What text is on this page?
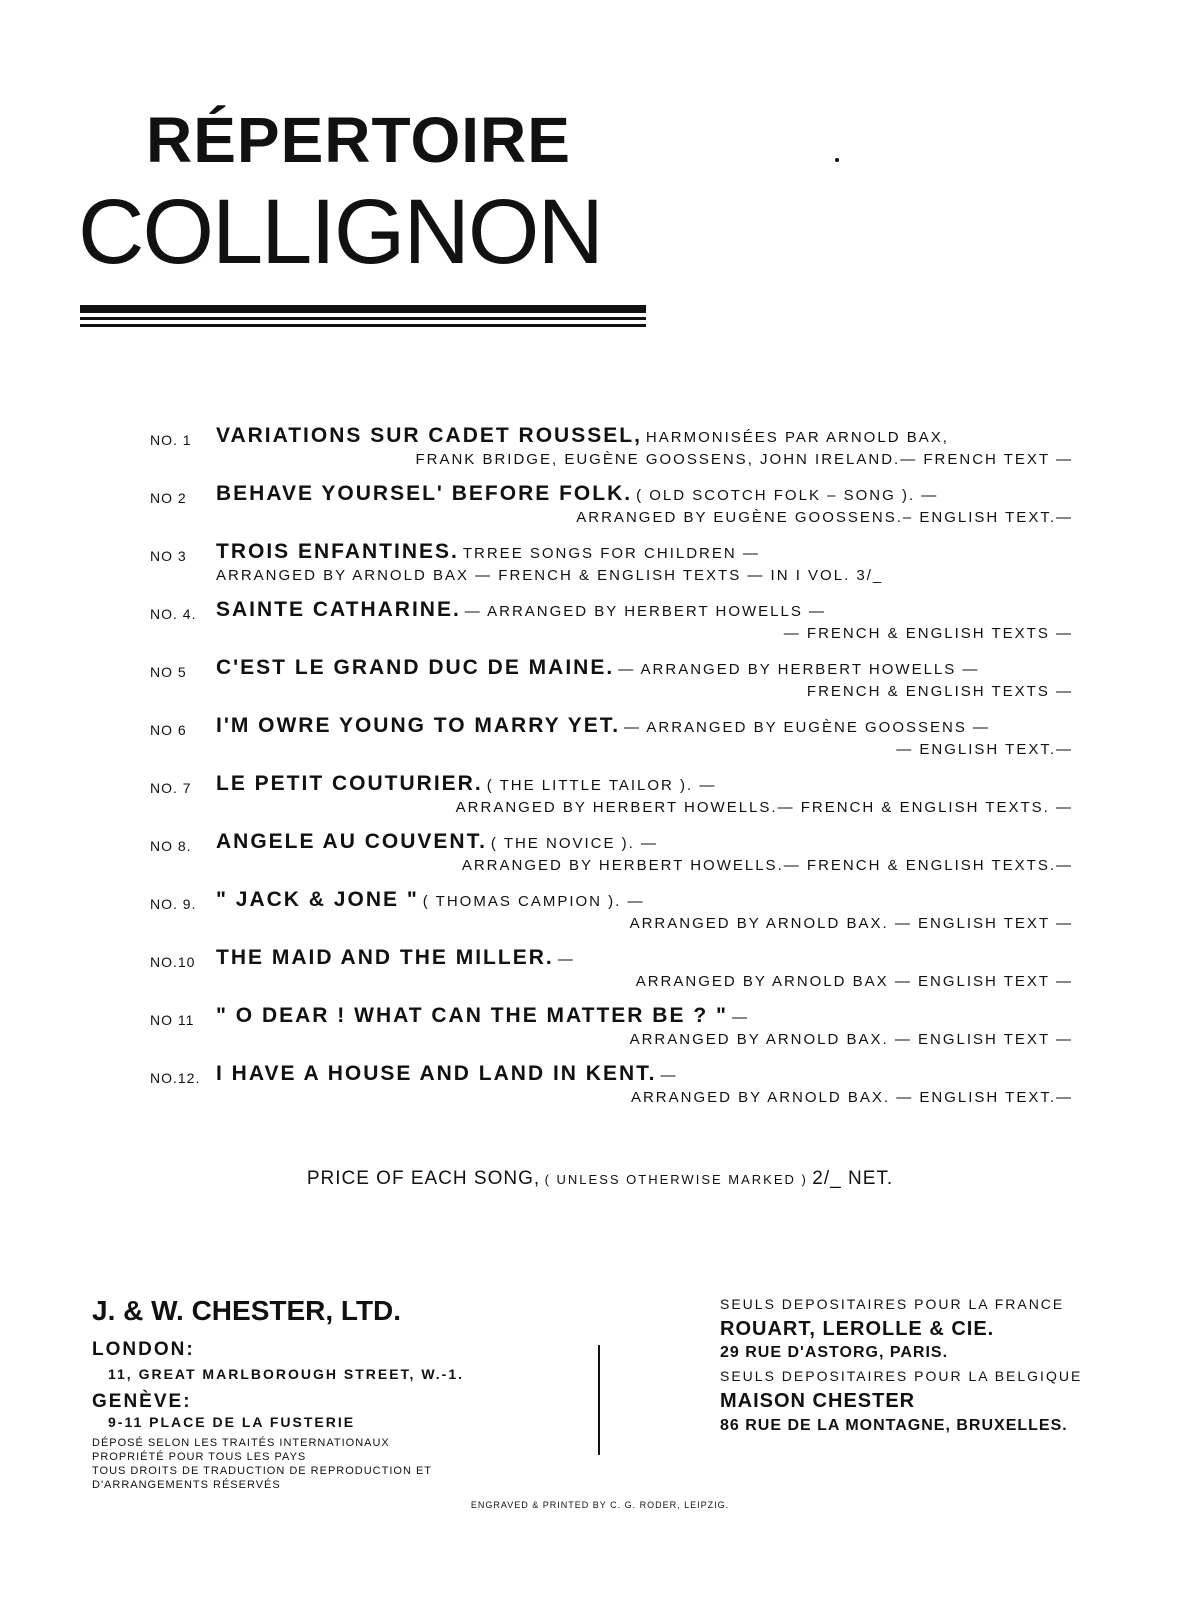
RÉPERTOIRE
COLLIGNON
NO. 1 VARIATIONS SUR CADET ROUSSEL, HARMONISÉES PAR ARNOLD BAX,
FRANK BRIDGE, EUGÈNE GOOSSENS, JOHN IRELAND.— FRENCH TEXT —
NO 2 BEHAVE YOURSEL' BEFORE FOLK. ( OLD SCOTCH FOLK – SONG ). —
ARRANGED BY EUGÈNE GOOSSENS.– ENGLISH TEXT.—
NO 3 TROIS ENFANTINES. TRREE SONGS FOR CHILDREN —
ARRANGED BY ARNOLD BAX — FRENCH & ENGLISH TEXTS — IN I VOL. 3/_
NO. 4. SAINTE CATHARINE. — ARRANGED BY HERBERT HOWELLS —
— FRENCH & ENGLISH TEXTS —
NO 5 C'EST LE GRAND DUC DE MAINE. — ARRANGED BY HERBERT HOWELLS —
FRENCH & ENGLISH TEXTS —
NO 6 I'M OWRE YOUNG TO MARRY YET. — ARRANGED BY EUGÈNE GOOSSENS —
— ENGLISH TEXT.—
NO. 7 LE PETIT COUTURIER. ( THE LITTLE TAILOR ). —
ARRANGED BY HERBERT HOWELLS.— FRENCH & ENGLISH TEXTS. —
NO 8. ANGELE AU COUVENT. ( THE NOVICE ). —
ARRANGED BY HERBERT HOWELLS.— FRENCH & ENGLISH TEXTS.—
NO. 9. " JACK & JONE " ( THOMAS CAMPION ). —
ARRANGED BY ARNOLD BAX. — ENGLISH TEXT —
NO.10 THE MAID AND THE MILLER. —
ARRANGED BY ARNOLD BAX — ENGLISH TEXT —
NO 11 " O DEAR ! WHAT CAN THE MATTER BE ? " —
ARRANGED BY ARNOLD BAX. — ENGLISH TEXT —
NO.12. I HAVE A HOUSE AND LAND IN KENT. —
ARRANGED BY ARNOLD BAX. — ENGLISH TEXT.—
PRICE OF EACH SONG, ( UNLESS OTHERWISE MARKED ) 2/_ NET.
J. & W. CHESTER, LTD.
LONDON:
11, GREAT MARLBOROUGH STREET, W.-1.
GENÈVE:
9-11 PLACE DE LA FUSTERIE
DÉPOSÉ SELON LES TRAITÉS INTERNATIONAUX
PROPRIÉTÉ POUR TOUS LES PAYS
TOUS DROITS DE TRADUCTION DE REPRODUCTION ET
D'ARRANGEMENTS RÉSERVÉS
SEULS DEPOSITAIRES POUR LA FRANCE
ROUART, LEROLLE & CIE.
29 RUE D'ASTORG, PARIS.
SEULS DEPOSITAIRES POUR LA BELGIQUE
MAISON CHESTER
86 RUE DE LA MONTAGNE, BRUXELLES.
ENGRAVED & PRINTED BY C. G. RODER, LEIPZIG.
